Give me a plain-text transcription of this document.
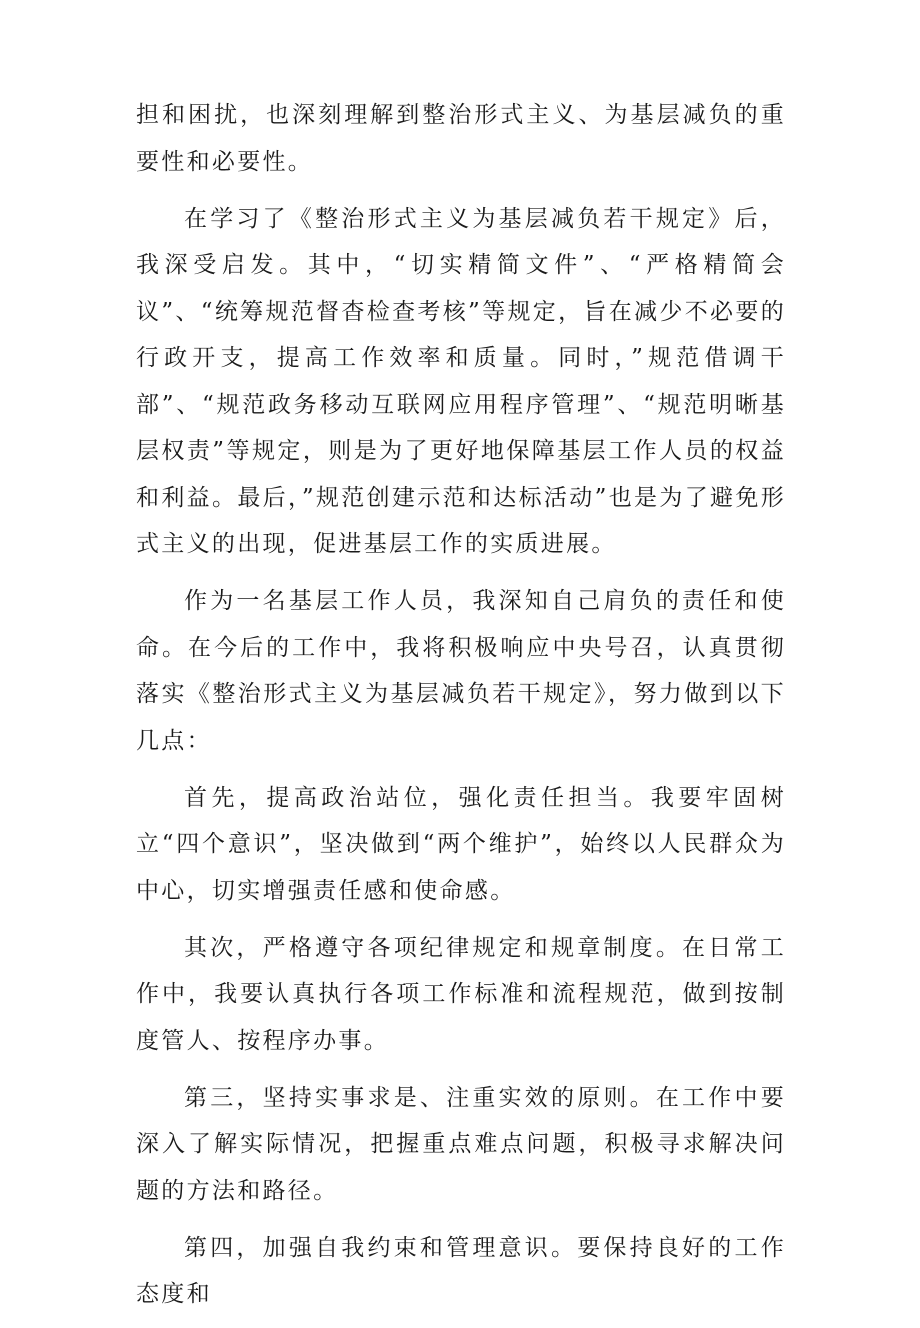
担和困扰，也深刻理解到整治形式主义、为基层减负的重要性和必要性。

在学习了《整治形式主义为基层减负若干规定》后，我深受启发。其中，“切实精简文件”、“严格精简会议”、“统筹规范督杳检查考核”等规定，旨在减少不必要的行政开支，提高工作效率和质量。同时，”规范借调干部”、“规范政务移动互联网应用程序管理”、“规范明晰基层权责”等规定，则是为了更好地保障基层工作人员的权益和利益。最后，”规范创建示范和达标活动”也是为了避免形式主义的出现，促进基层工作的实质进展。

作为一名基层工作人员，我深知自己肩负的责任和使命。在今后的工作中，我将积极响应中央号召，认真贯彻落实《整治形式主义为基层减负若干规定》，努力做到以下几点：

首先，提高政治站位，强化责任担当。我要牢固树立“四个意识”，坚决做到“两个维护”，始终以人民群众为中心，切实增强责任感和使命感。

其次，严格遵守各项纪律规定和规章制度。在日常工作中，我要认真执行各项工作标准和流程规范，做到按制度管人、按程序办事。

第三，坚持实事求是、注重实效的原则。在工作中要深入了解实际情况，把握重点难点问题，积极寻求解决问题的方法和路径。

第四，加强自我约束和管理意识。要保持良好的工作态度和
